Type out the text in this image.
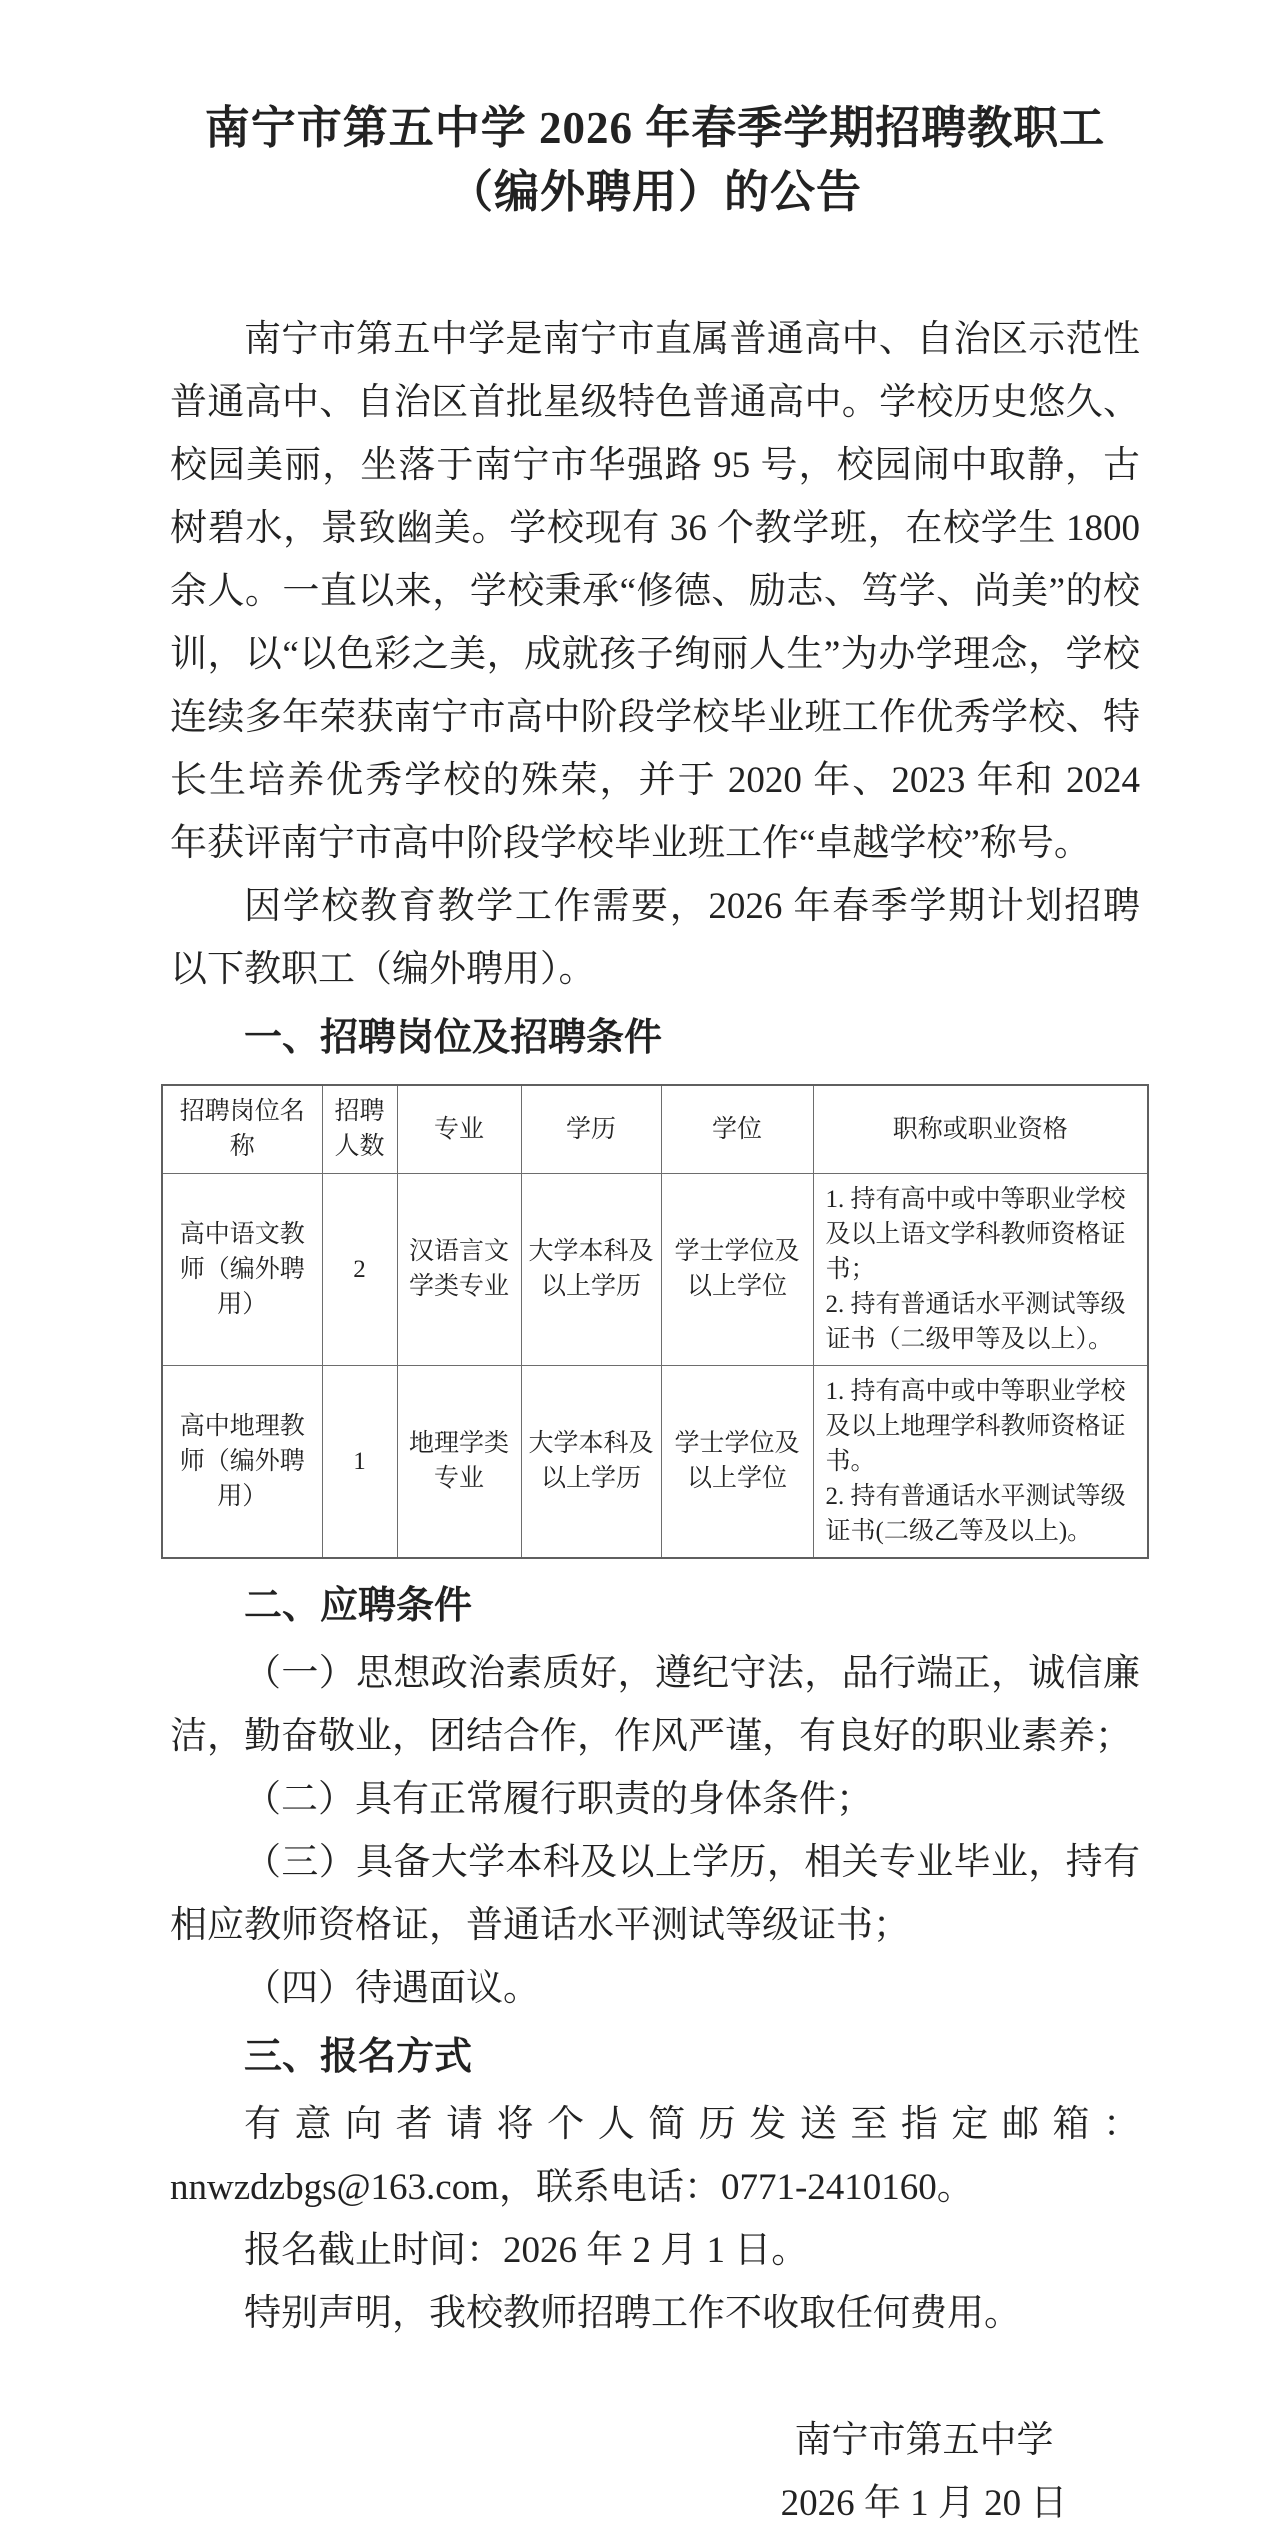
南宁市第五中学 2026 年春季学期招聘教职工
（编外聘用）的公告

南宁市第五中学是南宁市直属普通高中、自治区示范性普通高中、自治区首批星级特色普通高中。学校历史悠久、校园美丽，坐落于南宁市华强路 95 号，校园闹中取静，古树碧水，景致幽美。学校现有 36 个教学班，在校学生 1800 余人。一直以来，学校秉承“修德、励志、笃学、尚美”的校训，以“以色彩之美，成就孩子绚丽人生”为办学理念，学校连续多年荣获南宁市高中阶段学校毕业班工作优秀学校、特长生培养优秀学校的殊荣，并于 2020 年、2023 年和 2024 年获评南宁市高中阶段学校毕业班工作“卓越学校”称号。

因学校教育教学工作需要，2026 年春季学期计划招聘以下教职工（编外聘用）。

一、招聘岗位及招聘条件
招聘岗位名称	招聘人数	专业	学历	学位	职称或职业资格
高中语文教师（编外聘用）	2	汉语言文学类专业	大学本科及以上学历	学士学位及以上学位	1. 持有高中或中等职业学校及以上语文学科教师资格证书；

2. 持有普通话水平测试等级证书（二级甲等及以上）。

高中地理教师（编外聘用）	1	地理学类专业	大学本科及以上学历	学士学位及以上学位	1. 持有高中或中等职业学校及以上地理学科教师资格证书。

2. 持有普通话水平测试等级证书(二级乙等及以上)。

二、应聘条件

（一）思想政治素质好，遵纪守法，品行端正，诚信廉洁，勤奋敬业，团结合作，作风严谨，有良好的职业素养；

（二）具有正常履行职责的身体条件；

（三）具备大学本科及以上学历，相关专业毕业，持有相应教师资格证，普通话水平测试等级证书；

（四）待遇面议。

三、报名方式

有意向者请将个人简历发送至指定邮箱：nnwzdzbgs@163.com，联系电话：0771-2410160。

报名截止时间：2026 年 2 月 1 日。

特别声明，我校教师招聘工作不收取任何费用。

南宁市第五中学
2026 年 1 月 20 日
